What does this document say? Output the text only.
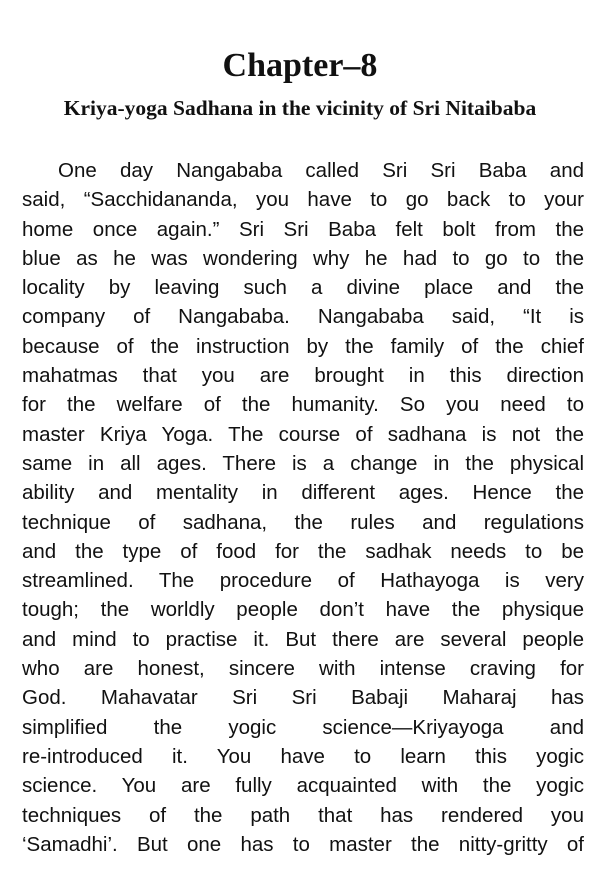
Chapter–8
Kriya-yoga Sadhana in the vicinity of Sri Nitaibaba
One day Nangababa called Sri Sri Baba and
said, “Sacchidananda, you have to go back to your
home once again.” Sri Sri Baba felt bolt from the
blue as he was wondering why he had to go to the
locality by leaving such a divine place and the
company of Nangababa. Nangababa said, “It is
because of the instruction by the family of the chief
mahatmas that you are brought in this direction
for the welfare of the humanity. So you need to
master Kriya Yoga. The course of sadhana is not the
same in all ages. There is a change in the physical
ability and mentality in different ages. Hence the
technique of sadhana, the rules and regulations
and the type of food for the sadhak needs to be
streamlined. The procedure of Hathayoga is very
tough; the worldly people don’t have the physique
and mind to practise it. But there are several people
who are honest, sincere with intense craving for
God. Mahavatar Sri Sri Babaji Maharaj has
simplified the yogic science—Kriyayoga and
re-introduced it. You have to learn this yogic
science. You are fully acquainted with the yogic
techniques of the path that has rendered you
‘Samadhi’. But one has to master the nitty-gritty of
